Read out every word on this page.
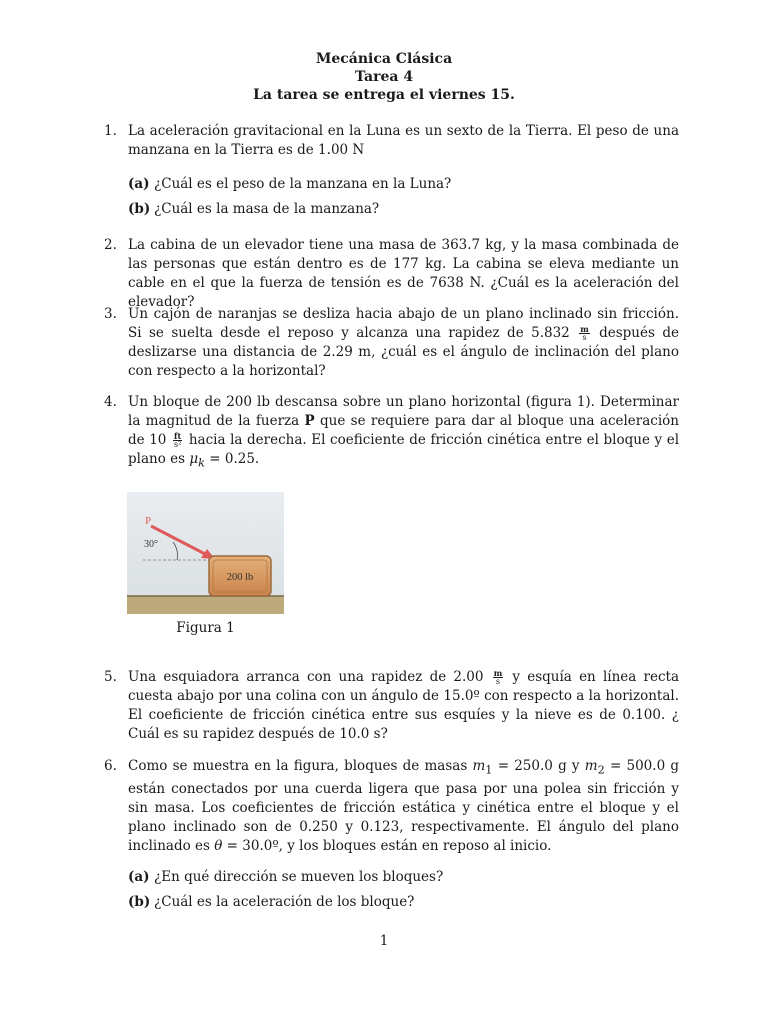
Mecánica Clásica
Tarea 4
La tarea se entrega el viernes 15.
1. La aceleración gravitacional en la Luna es un sexto de la Tierra. El peso de una manzana en la Tierra es de 1.00 N
(a) ¿Cuál es el peso de la manzana en la Luna?
(b) ¿Cuál es la masa de la manzana?
2. La cabina de un elevador tiene una masa de 363.7 kg, y la masa combinada de las personas que están dentro es de 177 kg. La cabina se eleva mediante un cable en el que la fuerza de tensión es de 7638 N. ¿Cuál es la aceleración del elevador?
3. Un cajón de naranjas se desliza hacia abajo de un plano inclinado sin fricción. Si se suelta desde el reposo y alcanza una rapidez de $5.832 \frac{m}{s}$ después de deslizarse una distancia de 2.29 m, ¿cuál es el ángulo de inclinación del plano con respecto a la horizontal?
4. Un bloque de 200 lb descansa sobre un plano horizontal (figura 1). Determinar la magnitud de la fuerza P que se requiere para dar al bloque una aceleración de $10 \frac{ft}{\text{s²}}$ hacia la derecha. El coeficiente de fricción cinética entre el bloque y el plano es $\mu_k = 0.25$.
P
30°
200 lb
Figura 1
5. Una esquiadora arranca con una rapidez de $2.00 \frac{m}{s}$ y esquía en línea recta cuesta abajo por una colina con un ángulo de 15.0º con respecto a la horizontal. El coeficiente de fricción cinética entre sus esquíes y la nieve es de 0.100. ¿ Cuál es su rapidez después de 10.0 s?
6. Como se muestra en la figura, bloques de masas $m_1 = 250.0$ g y $m_2 = 500.0$ g están conectados por una cuerda ligera que pasa por una polea sin fricción y sin masa. Los coeficientes de fricción estática y cinética entre el bloque y el plano inclinado son de 0.250 y 0.123, respectivamente. El ángulo del plano inclinado es θ = 30.0º, y los bloques están en reposo al inicio.
(a) ¿En qué dirección se mueven los bloques?
(b) ¿Cuál es la aceleración de los bloque?
1
